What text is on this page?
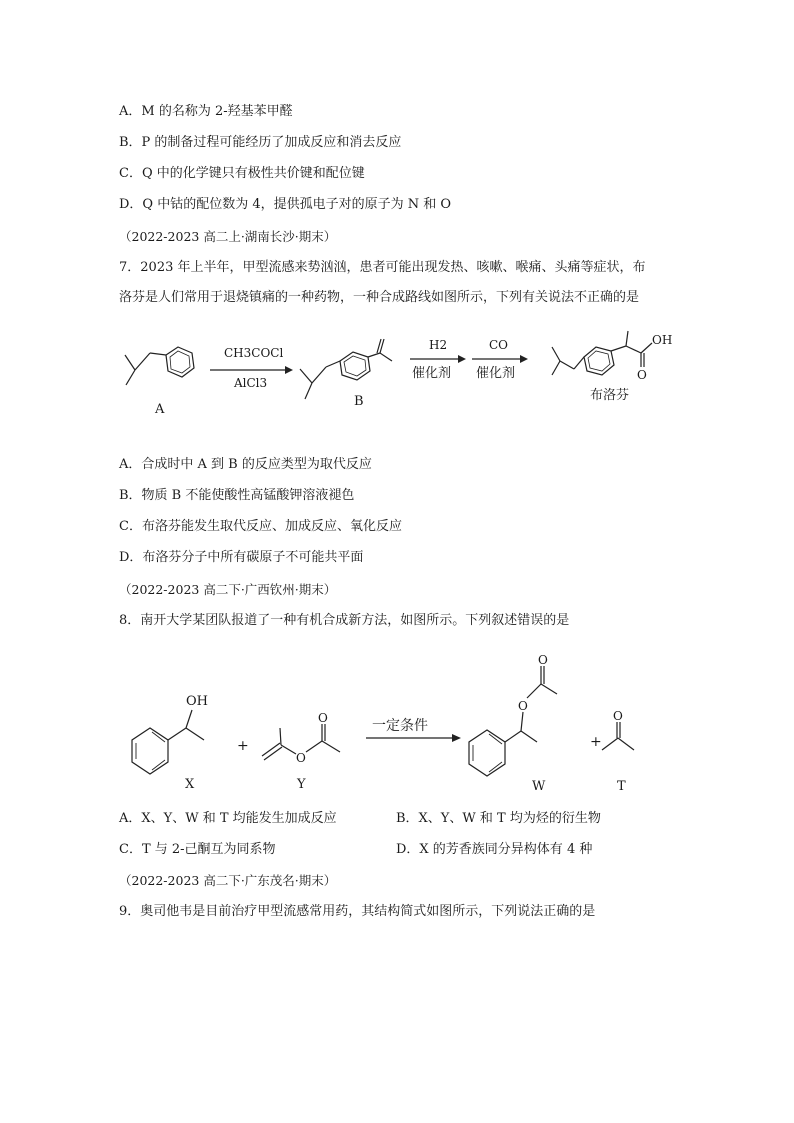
A．M 的名称为 2-羟基苯甲醛
B．P 的制备过程可能经历了加成反应和消去反应
C．Q 中的化学键只有极性共价键和配位键
D．Q 中钴的配位数为 4，提供孤电子对的原子为 N 和 O
（2022-2023 高二上·湖南长沙·期末）
7．2023 年上半年，甲型流感来势汹汹，患者可能出现发热、咳嗽、喉痛、头痛等症状，布
洛芬是人们常用于退烧镇痛的一种药物，一种合成路线如图所示，下列有关说法不正确的是
A
CH3COCl
AlCl3
B
H2
催化剂
CO
催化剂
OH
O
布洛芬
A．合成时中 A 到 B 的反应类型为取代反应
B．物质 B 不能使酸性高锰酸钾溶液褪色
C．布洛芬能发生取代反应、加成反应、氧化反应
D．布洛芬分子中所有碳原子不可能共平面
（2022-2023 高二下·广西钦州·期末）
8．南开大学某团队报道了一种有机合成新方法，如图所示。下列叙述错误的是
OH
X
+
O
O
Y
一定条件
O
O
W
+
O
T
A．X、Y、W 和 T 均能发生加成反应	B．X、Y、W 和 T 均为烃的衍生物
C．T 与 2-己酮互为同系物	D．X 的芳香族同分异构体有 4 种
（2022-2023 高二下·广东茂名·期末）
9．奥司他韦是目前治疗甲型流感常用药，其结构简式如图所示，下列说法正确的是
